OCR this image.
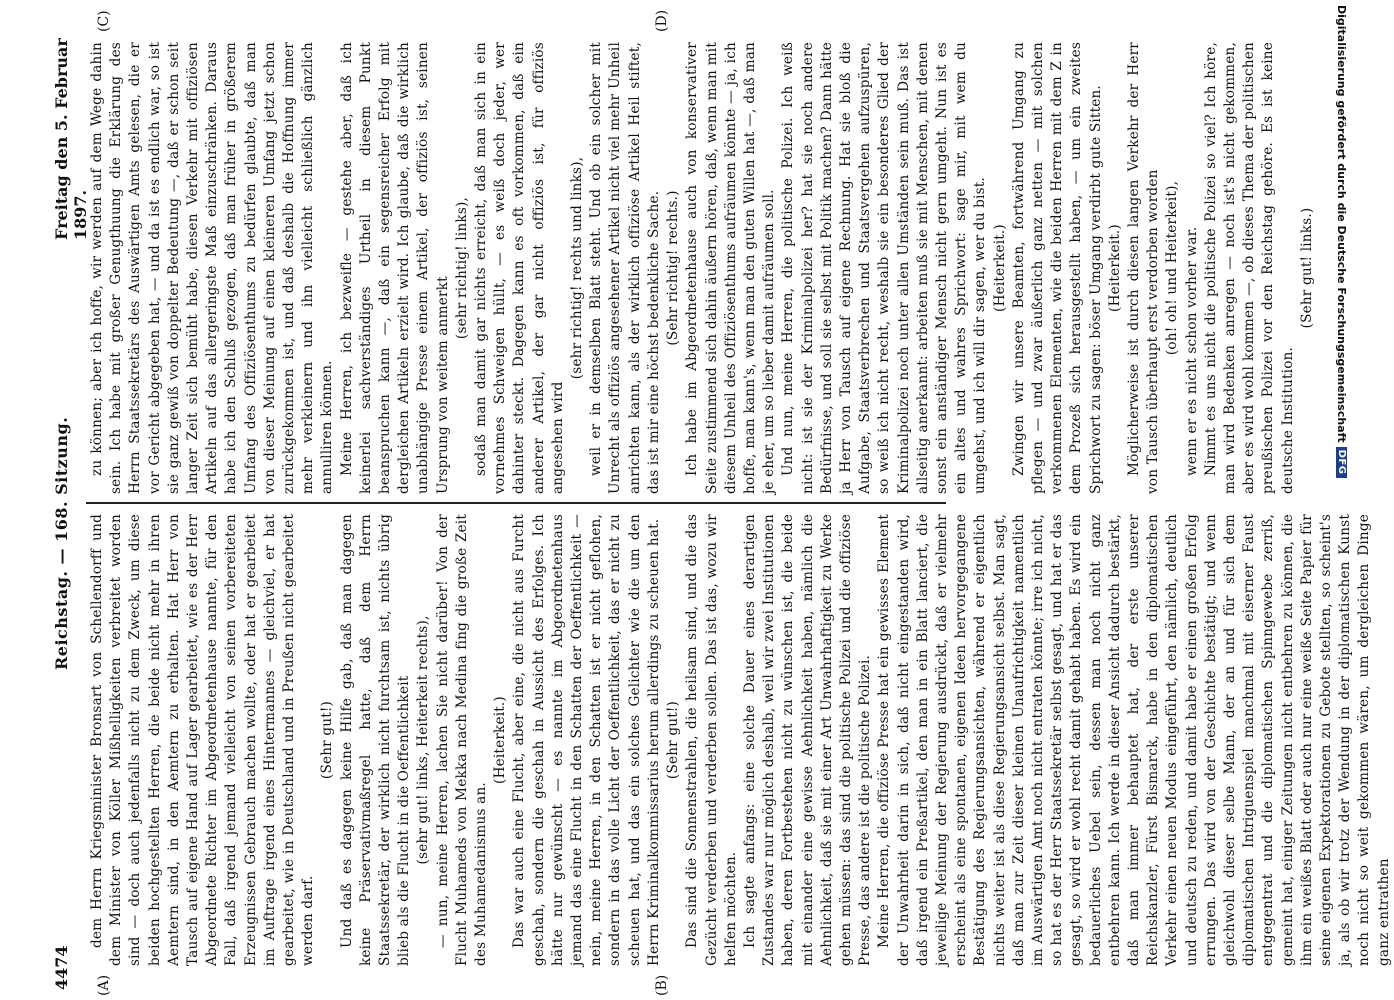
4474
Reichstag. — 168. Sitzung.
Freitag den 5. Februar 1897.
(A)	(B)
(C)	(D)

dem Herrn Kriegsminister Bronsart von Schellendorff und dem Minister von Köller Mißhelligkeiten verbreitet worden sind — doch auch jedenfalls nicht zu dem Zweck, um diese beiden hochgestellten Herren, die beide nicht mehr in ihren Aemtern sind, in den Aemtern zu erhalten. Hat Herr von Tausch auf eigene Hand auf Lager gearbeitet, wie es der Herr Abgeordnete Richter im Abgeordnetenhause nannte, für den Fall, daß irgend jemand vielleicht von seinen vorbereiteten Erzeugnissen Gebrauch machen wollte, oder hat er gearbeitet im Auftrage irgend eines Hintermannes — gleichviel, er hat gearbeitet, wie in Deutschland und in Preußen nicht gearbeitet werden darf.

(Sehr gut!) Und daß es dagegen keine Hilfe gab, daß man dagegen keine Präservativmaßregel hatte, daß dem Herrn Staatssekretär, der wirklich nicht furchtsam ist, nichts übrig blieb als die Flucht in die Oeffentlichkeit (sehr gut! links, Heiterkeit rechts), — nun, meine Herren, lachen Sie nicht darüber! Von der Flucht Muhameds von Mekka nach Medina fing die große Zeit des Muhamedanismus an.

(Heiterkeit.) Das war auch eine Flucht, aber eine, die nicht aus Furcht geschah, sondern die geschah in Aussicht des Erfolges. Ich hätte nur gewünscht — es nannte im Abgeordnetenhaus jemand das eine Flucht in den Schatten der Oeffentlichkeit — nein, meine Herren, in den Schatten ist er nicht geflohen, sondern in das volle Licht der Oeffentlichkeit, das er nicht zu scheuen hat, und das ein solches Gelichter wie die um den Herrn Kriminalkommissarius herum allerdings zu scheuen hat. (Sehr gut!) Das sind die Sonnenstrahlen, die heilsam sind, und die das Gezücht verderben und verderben sollen. Das ist das, wozu wir helfen möchten. Ich sagte anfangs: eine solche Dauer eines derartigen Zustandes war nur möglich deshalb, weil wir zwei Institutionen haben, deren Fortbestehen nicht zu wünschen ist, die beide mit einander eine gewisse Aehnlichkeit haben, nämlich die Aehnlichkeit, daß sie mit einer Art Unwahrhaftigkeit zu Werke gehen müssen: das sind die politische Polizei und die offiziöse Presse, das andere ist die politische Polizei. Meine Herren, die offiziöse Presse hat ein gewisses Element der Unwahrheit darin in sich, daß nicht eingestanden wird, daß irgend ein Preßartikel, den man in ein Blatt lanciert, die jeweilige Meinung der Regierung ausdrückt, daß er vielmehr erscheint als eine spontanen, eigenen Ideen hervorgegangene Bestätigung des Regierungsansichten, während er eigentlich nichts weiter ist als diese Regierungsansicht selbst. Man sagt, daß man zur Zeit dieser kleinen Unaufrichtigkeit namentlich im Auswärtigen Amt noch nicht entraten könnte; irre ich nicht, so hat es der Herr Staatssekretär selbst gesagt, und hat er das gesagt, so wird er wohl recht damit gehabt haben. Es wird ein bedauerliches Uebel sein, dessen man noch nicht ganz entbehren kann. Ich werde in dieser Ansicht dadurch bestärkt, daß man immer behauptet hat, der erste unserer Reichskanzler, Fürst Bismarck, habe in den diplomatischen Verkehr einen neuen Modus eingeführt, den nämlich, deutlich und deutsch zu reden, und damit habe er einen großen Erfolg errungen. Das wird von der Geschichte bestätigt; und wenn gleichwohl dieser selbe Mann, der an und für sich dem diplomatischen Intriguenspiel manchmal mit eiserner Faust entgegentrat und die diplomatischen Spinngewebe zerriß, gemeint hat, einiger Zeitungen nicht entbehren zu können, die ihm ein weißes Blatt oder auch nur eine weiße Seite Papier für seine eigenen Expektorationen zu Gebote stellten, so scheint's ja, als ob wir trotz der Wendung in der diplomatischen Kunst noch nicht so weit gekommen wären, um dergleichen Dinge ganz entrathen

zu können; aber ich hoffe, wir werden auf dem Wege dahin sein. Ich habe mit großer Genugthuung die Erklärung des Herrn Staatssekretärs des Auswärtigen Amts gelesen, die er vor Gericht abgegeben hat, — und da ist es endlich war, so ist sie ganz gewiß von doppelter Bedeutung —, daß er schon seit langer Zeit sich bemüht habe, diesen Verkehr mit offiziösen Artikeln auf das allergeringste Maß einzuschränken. Daraus habe ich den Schluß gezogen, daß man früher in größerem Umfang des Offiziösenthums zu bedürfen glaubte, daß man von dieser Meinung auf einen kleineren Umfang jetzt schon zurückgekommen ist, und daß deshalb die Hoffnung immer mehr verkleinern und ihn vielleicht schließlich gänzlich annulliren können. Meine Herren, ich bezweifle — gestehe aber, daß ich keinerlei sachverständiges Urtheil in diesem Punkt beanspruchen kann —, daß ein segensreicher Erfolg mit dergleichen Artikeln erzielt wird. Ich glaube, daß die wirklich unabhängige Presse einem Artikel, der offiziös ist, seinen Ursprung von weitem anmerkt

(sehr richtig! links), sodaß man damit gar nichts erreicht, daß man sich in ein vornehmes Schweigen hüllt, — es weiß doch jeder, wer dahinter steckt. Dagegen kann es oft vorkommen, daß ein anderer Artikel, der gar nicht offiziös ist, für offiziös angesehen wird

(sehr richtig! rechts und links), weil er in demselben Blatt steht. Und ob ein solcher mit Unrecht als offiziös angesehener Artikel nicht viel mehr Unheil anrichten kann, als der wirklich offiziöse Artikel Heil stiftet, das ist mir eine höchst bedenkliche Sache. (Sehr richtig! rechts.) Ich habe im Abgeordnetenhause auch von konservativer Seite zustimmend sich dahin äußern hören, daß, wenn man mit diesem Unheil des Offiziösenthums aufräumen könnte — ja, ich hoffe, man kann's, wenn man den guten Willen hat —, daß man je eher, um so lieber damit aufräumen soll. Und nun, meine Herren, die politische Polizei. Ich weiß nicht: ist sie der Kriminalpolizei her? hat sie noch andere Bedürfnisse, und soll sie selbst mit Politik machen? Dann hätte ja Herr von Tausch auf eigene Rechnung. Hat sie bloß die Aufgabe, Staatsverbrechen und Staatsvergehen aufzuspüren, so weiß ich nicht recht, weshalb sie ein besonderes Glied der Kriminalpolizei noch unter allen Umständen sein muß. Das ist allseitig anerkannt: arbeiten muß sie mit Menschen, mit denen sonst ein anständiger Mensch nicht gern umgeht. Nun ist es ein altes und wahres Sprichwort: sage mir, mit wem du umgehst, und ich will dir sagen, wer du bist. (Heiterkeit.) Zwingen wir unsere Beamten, fortwährend Umgang zu pflegen — und zwar äußerlich ganz netten — mit solchen verkommenen Elementen, wie die beiden Herren mit dem Z in dem Prozeß sich herausgestellt haben, — um ein zweites Sprichwort zu sagen: böser Umgang verdirbt gute Sitten. (Heiterkeit.) Möglicherweise ist durch diesen langen Verkehr der Herr von Tausch überhaupt erst verdorben worden (oh! oh! und Heiterkeit), wenn er es nicht schon vorher war. Nimmt es uns nicht die politische Polizei so viel? Ich höre, man wird Bedenken anregen — noch ist's nicht gekommen, aber es wird wohl kommen —, ob dieses Thema der politischen preußischen Polizei vor den Reichstag gehöre. Es ist keine deutsche Institution.

(Sehr gut! links.) Digitalisierung gefördert durch die Deutsche Forschungsgemeinschaft
DFG
